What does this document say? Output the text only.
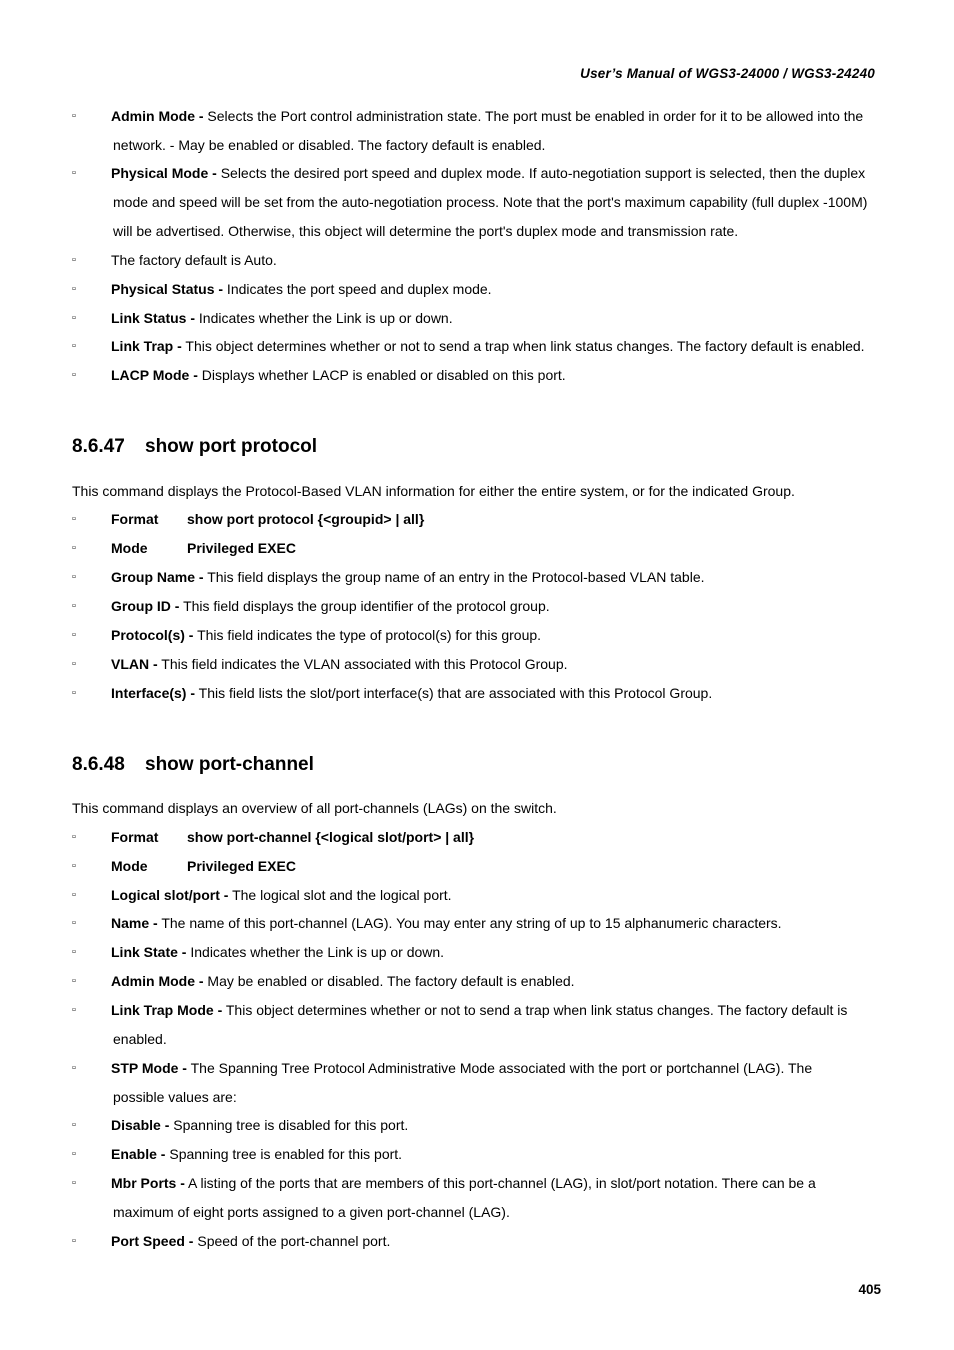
User’s Manual of WGS3-24000 / WGS3-24240
▫	Admin Mode - Selects the Port control administration state. The port must be enabled in order for it to be allowed into the
network. - May be enabled or disabled. The factory default is enabled.
▫	Physical Mode - Selects the desired port speed and duplex mode. If auto-negotiation support is selected, then the duplex
mode and speed will be set from the auto-negotiation process. Note that the port's maximum capability (full duplex -100M)
will be advertised. Otherwise, this object will determine the port's duplex mode and transmission rate.
▫	The factory default is Auto.
▫	Physical Status - Indicates the port speed and duplex mode.
▫	Link Status - Indicates whether the Link is up or down.
▫	Link Trap - This object determines whether or not to send a trap when link status changes. The factory default is enabled.
▫	LACP Mode - Displays whether LACP is enabled or disabled on this port.
8.6.47 show port protocol
This command displays the Protocol-Based VLAN information for either the entire system, or for the indicated Group.
▫	Format show port protocol {<groupid> | all}
▫	Mode	Privileged EXEC
▫	Group Name - This field displays the group name of an entry in the Protocol-based VLAN table.
▫	Group ID - This field displays the group identifier of the protocol group.
▫	Protocol(s) - This field indicates the type of protocol(s) for this group.
▫	VLAN - This field indicates the VLAN associated with this Protocol Group.
▫	Interface(s) - This field lists the slot/port interface(s) that are associated with this Protocol Group.
8.6.48 show port-channel
This command displays an overview of all port-channels (LAGs) on the switch.
▫	Format show port-channel {<logical slot/port> | all}
▫	Mode	Privileged EXEC
▫	Logical slot/port - The logical slot and the logical port.
▫	Name - The name of this port-channel (LAG). You may enter any string of up to 15 alphanumeric characters.
▫	Link State - Indicates whether the Link is up or down.
▫	Admin Mode - May be enabled or disabled. The factory default is enabled.
▫	Link Trap Mode - This object determines whether or not to send a trap when link status changes. The factory default is
enabled.
▫	STP Mode - The Spanning Tree Protocol Administrative Mode associated with the port or portchannel (LAG). The
possible values are:
▫	Disable - Spanning tree is disabled for this port.
▫	Enable - Spanning tree is enabled for this port.
▫	Mbr Ports - A listing of the ports that are members of this port-channel (LAG), in slot/port notation. There can be a
maximum of eight ports assigned to a given port-channel (LAG).
▫	Port Speed - Speed of the port-channel port.
405
